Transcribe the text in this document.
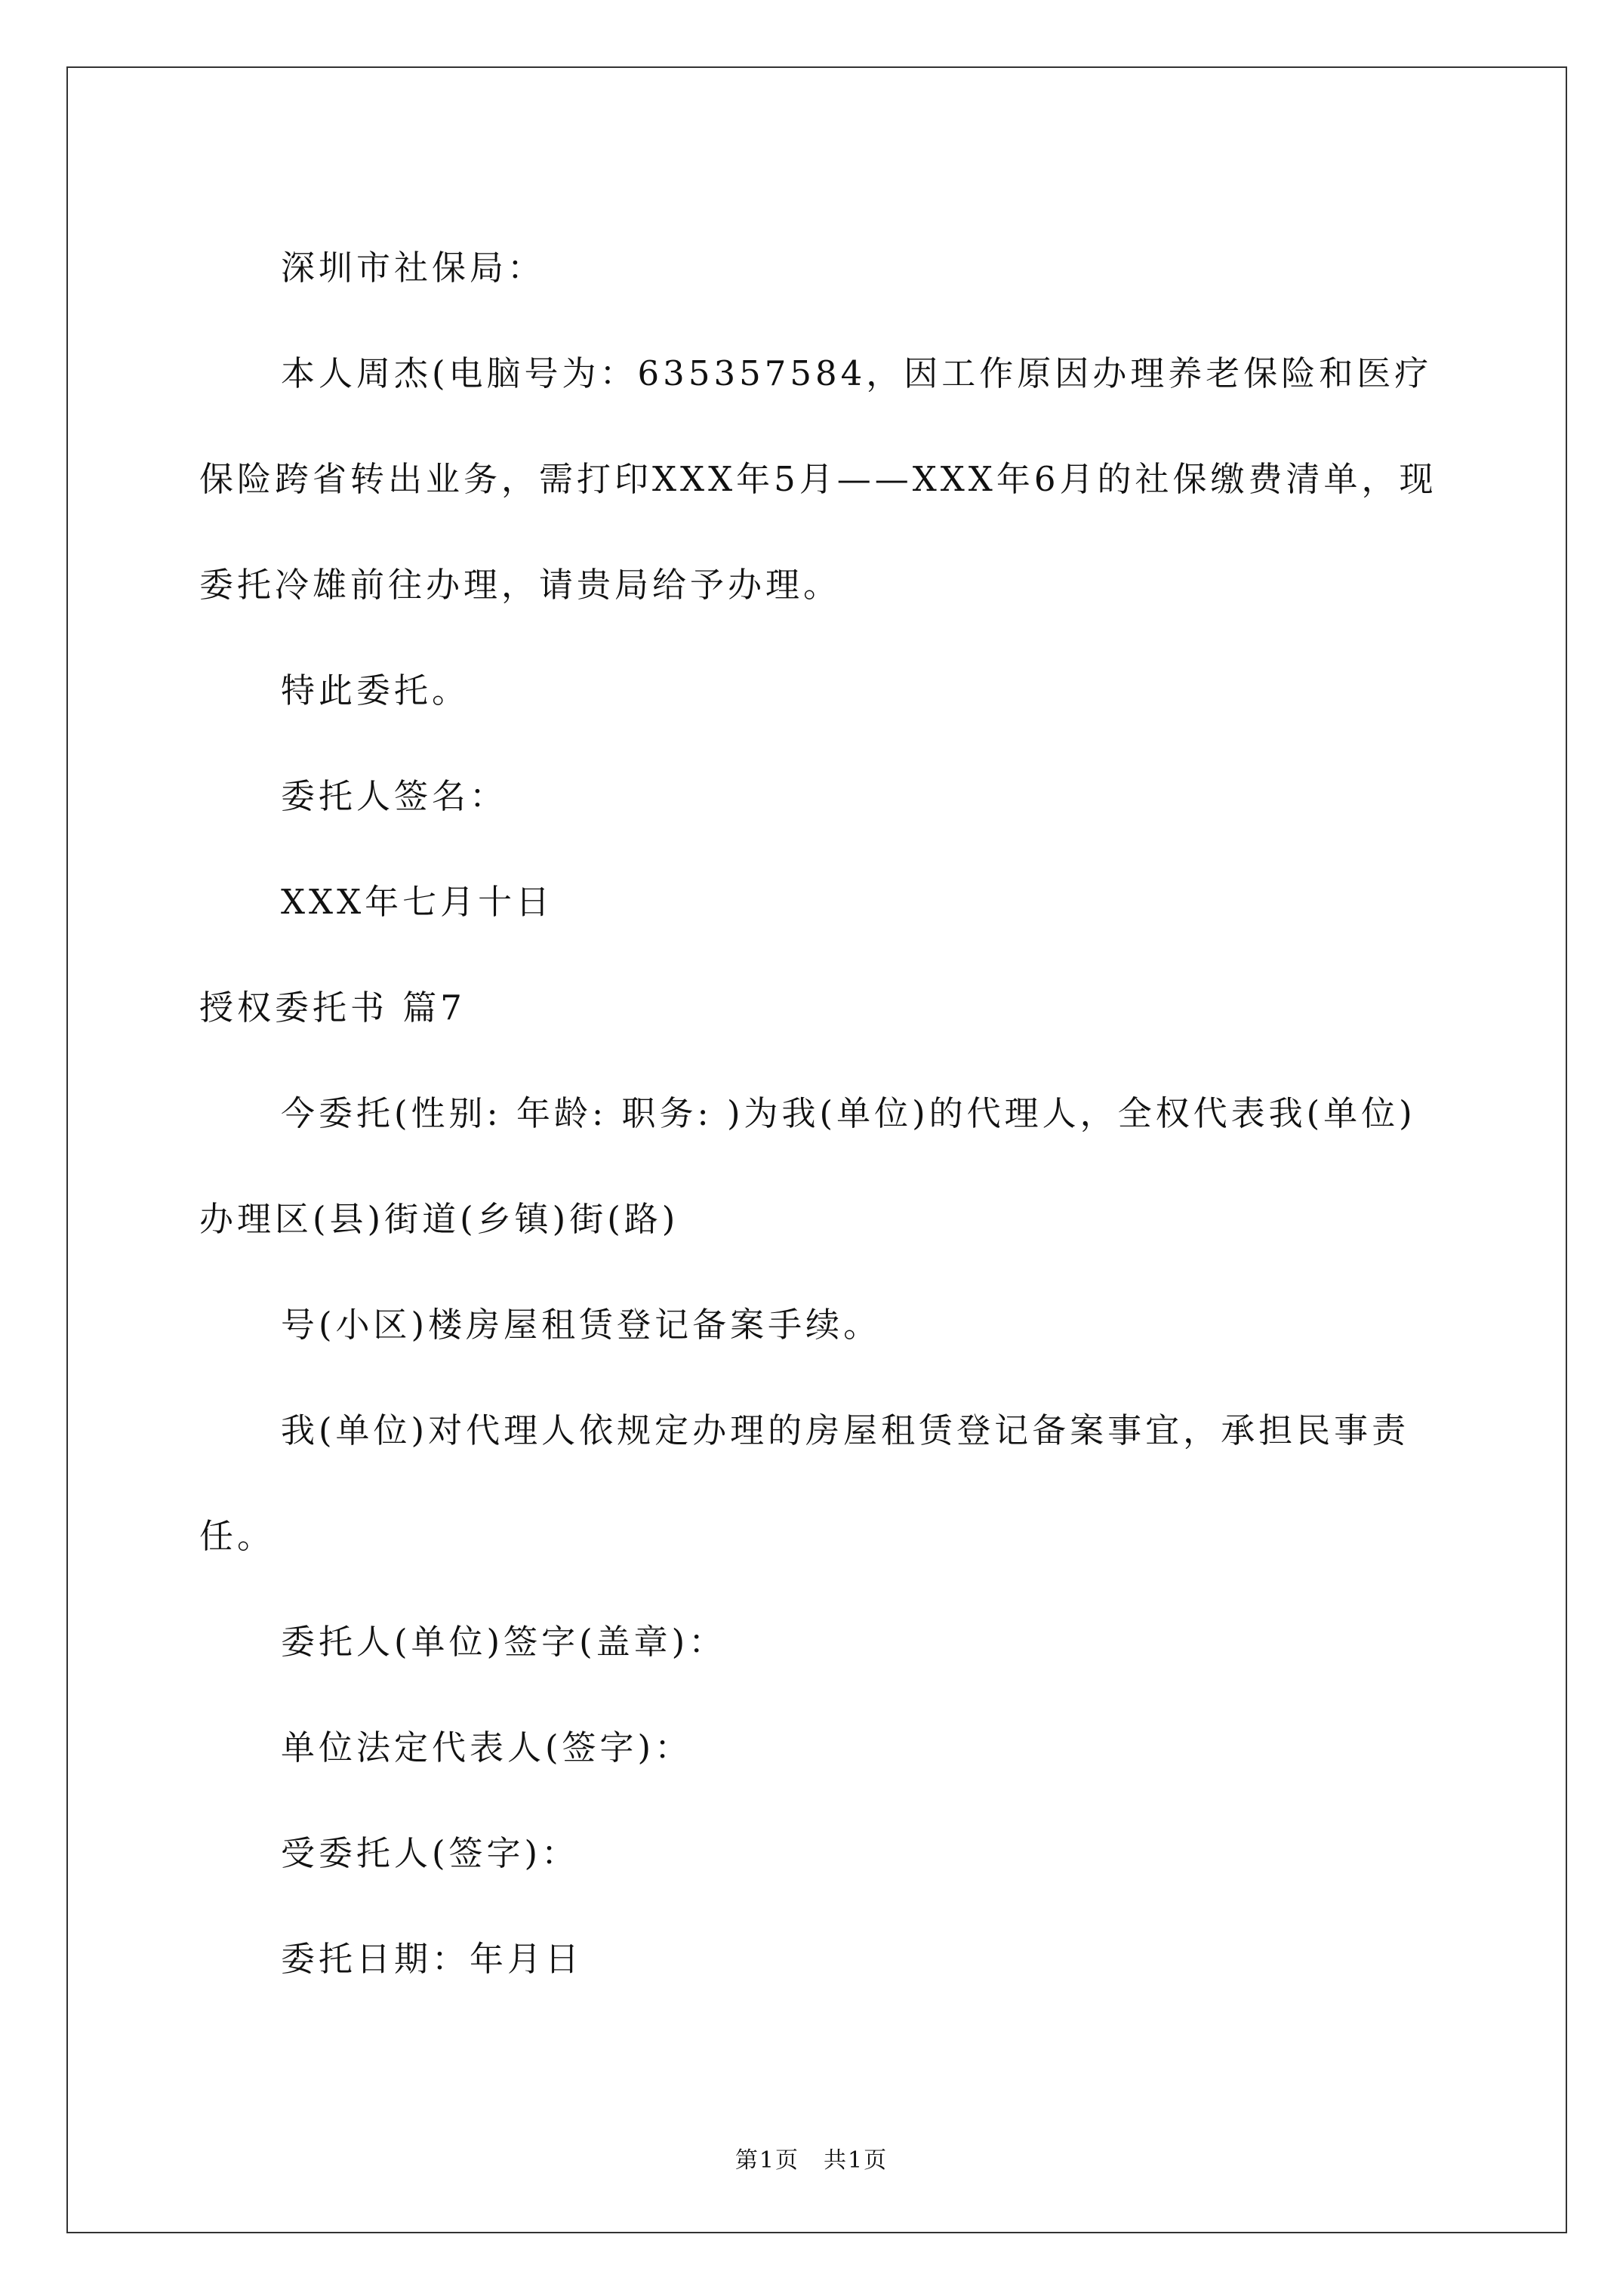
深圳市社保局：

本人周杰(电脑号为：635357584，因工作原因办理养老保险和医疗保险跨省转出业务，需打印XXX年5月——XXX年6月的社保缴费清单，现委托冷雄前往办理，请贵局给予办理。

特此委托。

委托人签名：

XXX年七月十日

授权委托书 篇7

今委托(性别: 年龄: 职务: )为我(单位)的代理人，全权代表我(单位)办理区(县)街道(乡镇)街(路)

号(小区)楼房屋租赁登记备案手续。

我(单位)对代理人依规定办理的房屋租赁登记备案事宜，承担民事责任。

委托人(单位)签字(盖章)：

单位法定代表人(签字)：

受委托人(签字)：

委托日期：年月日

第1页　共1页
